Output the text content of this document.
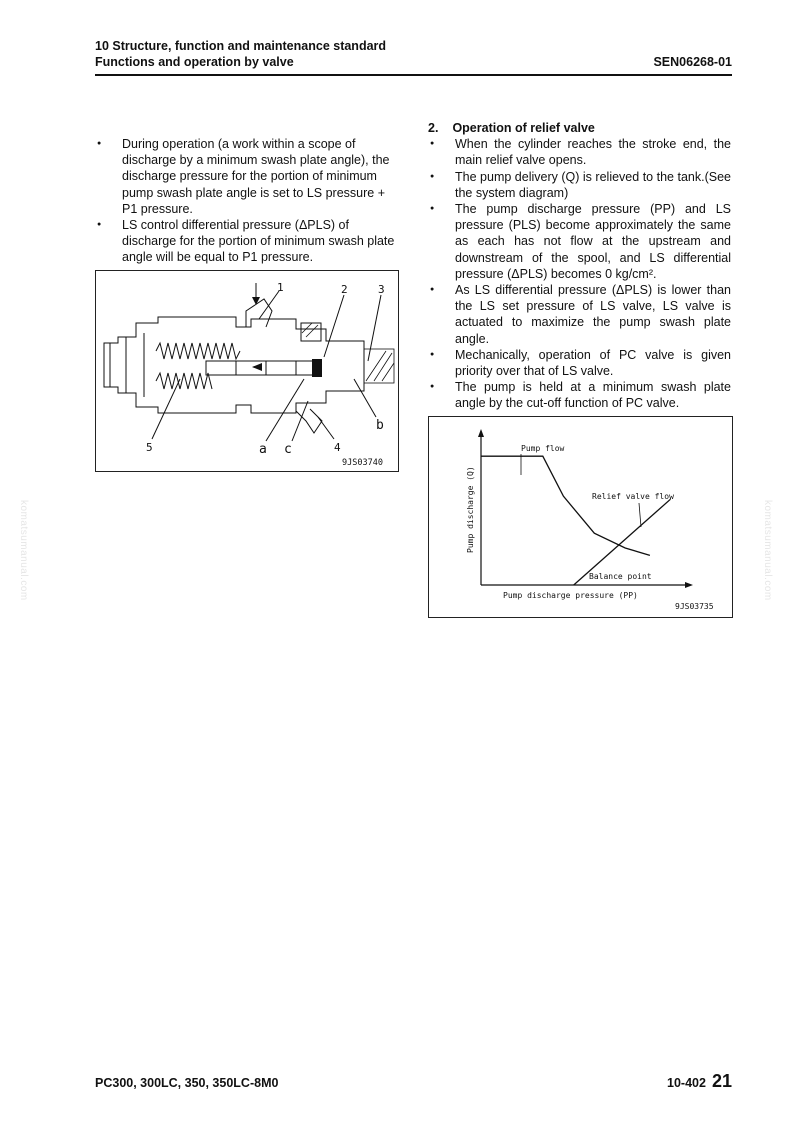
10 Structure, function and maintenance standard
Functions and operation by valve	SEN06268-01
● During operation (a work within a scope of discharge by a minimum swash plate angle), the discharge pressure for the portion of minimum pump swash plate angle is set to LS pressure + P1 pressure.
● LS control differential pressure (ΔPLS) of discharge for the portion of minimum swash plate angle will be equal to P1 pressure.
1	2	3
5	a c	4
b
9JS03740
2. Operation of relief valve
● When the cylinder reaches the stroke end, the main relief valve opens.
● The pump delivery (Q) is relieved to the tank.(See the system diagram)
● The pump discharge pressure (PP) and LS pressure (PLS) become approximately the same as each has not flow at the upstream and downstream of the spool, and LS differential pressure (ΔPLS) becomes 0 kg/cm².
● As LS differential pressure (ΔPLS) is lower than the LS set pressure of LS valve, LS valve is actuated to maximize the pump swash plate angle.
● Mechanically, operation of PC valve is given priority over that of LS valve.
● The pump is held at a minimum swash plate angle by the cut-off function of PC valve.
Pump flow
Relief valve flow
Balance point
Pump discharge pressure (PP)
Pump discharge (Q)
9JS03735
komatsumanual.com	komatsumanual.com
PC300, 300LC, 350, 350LC-8M0	10-402 21
